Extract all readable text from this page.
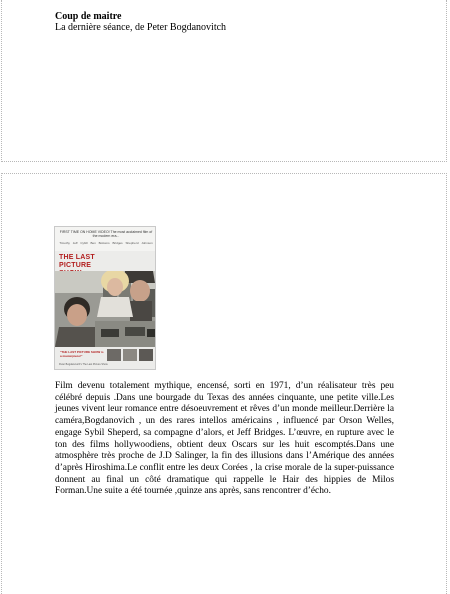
Coup de maitre
La dernière séance, de Peter Bogdanovitch
FIRST TIME ON HOME VIDEO! The most acclaimed film of the modern era...
Timothy Jeff Cybill Ben Bottoms Bridges Shepherd Johnson
THE LAST PICTURE
"THE LAST PICTURE SHOW is a masterpiece!"
Peter Bogdanovich's The Last Picture Show

Film devenu totalement mythique, encensé, sorti en 1971, d’un réalisateur très peu célébré depuis .Dans une bourgade du Texas des années cinquante, une petite ville.Les jeunes vivent leur romance entre désoeuvrement et rêves d’un monde meilleur.Derrière la caméra,Bogdanovich , un des rares intellos américains , influencé par Orson Welles, engage Sybil Sheperd, sa compagne d’alors, et Jeff Bridges. L’œuvre, en rupture avec le ton des films hollywoodiens, obtient deux Oscars sur les huit escomptés.Dans une atmosphère très proche de J.D Salinger, la fin des illusions dans l’Amérique des années d’après Hiroshima.Le conflit entre les deux Corées , la crise morale de la super-puissance donnent au final un côté dramatique qui rappelle le Hair des hippies de Milos Forman.Une suite a été tournée ,quinze ans après, sans rencontrer d’écho.
